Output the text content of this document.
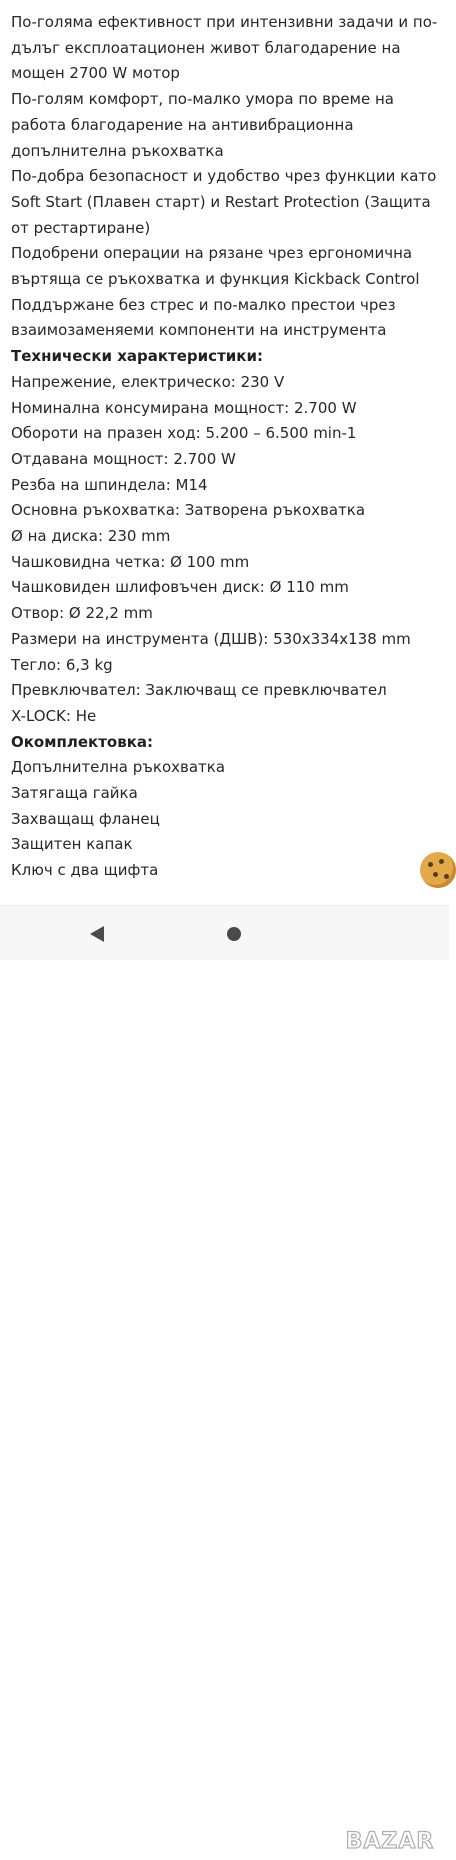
По-голяма ефективност при интензивни задачи и по-
дълъг експлоатационен живот благодарение на
мощен 2700 W мотор
По-голям комфорт, по-малко умора по време на
работа благодарение на антивибрационна
допълнителна ръкохватка
По-добра безопасност и удобство чрез функции като
Soft Start (Плавен старт) и Restart Protection (Защита
от рестартиране)
Подобрени операции на рязане чрез ергономична
въртяща се ръкохватка и функция Kickback Control
Поддържане без стрес и по-малко престои чрез
взаимозаменяеми компоненти на инструмента
Технически характеристики:
Напрежение, електрическо: 230 V
Номинална консумирана мощност: 2.700 W
Обороти на празен ход: 5.200 – 6.500 min-1
Отдавана мощност: 2.700 W
Резба на шпиндела: M14
Основна ръкохватка: Затворена ръкохватка
Ø на диска: 230 mm
Чашковидна четка: Ø 100 mm
Чашковиден шлифовъчен диск: Ø 110 mm
Отвор: Ø 22,2 mm
Размери на инструмента (ДШВ): 530x334x138 mm
Тегло: 6,3 kg
Превключвател: Заключващ се превключвател
X-LOCK: Не
Окомплектовка:
Допълнителна ръкохватка
Затягаща гайка
Захващащ фланец
Защитен капак
Ключ с два щифта
BAZAR
